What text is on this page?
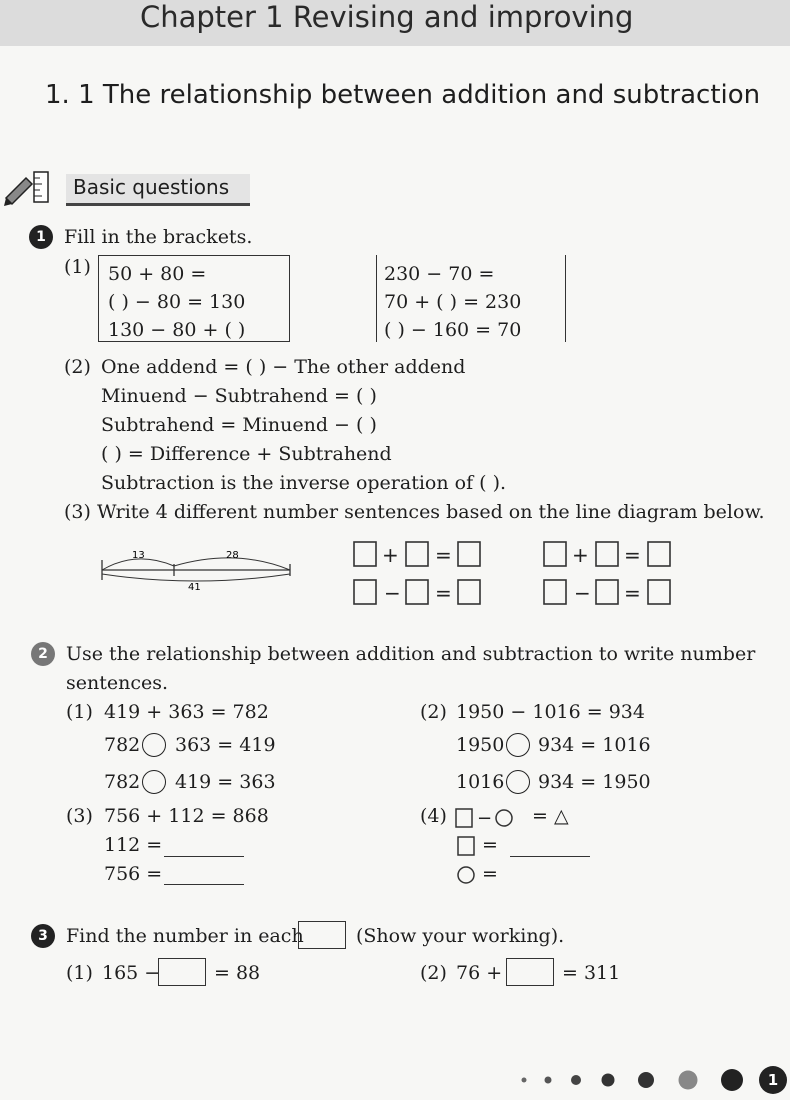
Chapter 1 Revising and improving
1. 1 The relationship between addition and subtraction
Basic questions
1 Fill in the brackets.
(1) 50 + 80 =
( ) − 80 = 130
130 − 80 + ( )
230 − 70 =
70 + ( ) = 230
( ) − 160 = 70
(2) One addend = ( ) − The other addend
Minuend − Subtrahend = ( )
Subtrahend = Minuend − ( )
( ) = Difference + Subtrahend
Subtraction is the inverse operation of ( ).
(3) Write 4 different number sentences based on the line diagram below.
13	28
41
+ =	+ =
− =	− =
2 Use the relationship between addition and subtraction to write number
sentences.
(1) 419 + 363 = 782
782 363 = 419
782 419 = 363
(2) 1950 − 1016 = 934
1950 934 = 1016
1016 934 = 1950
(3) 756 + 112 = 868
112 =
756 =
(4) − = △
=
=
3 Find the number in each	(Show your working).
(1) 165 −	= 88	(2) 76 +	= 311
1
